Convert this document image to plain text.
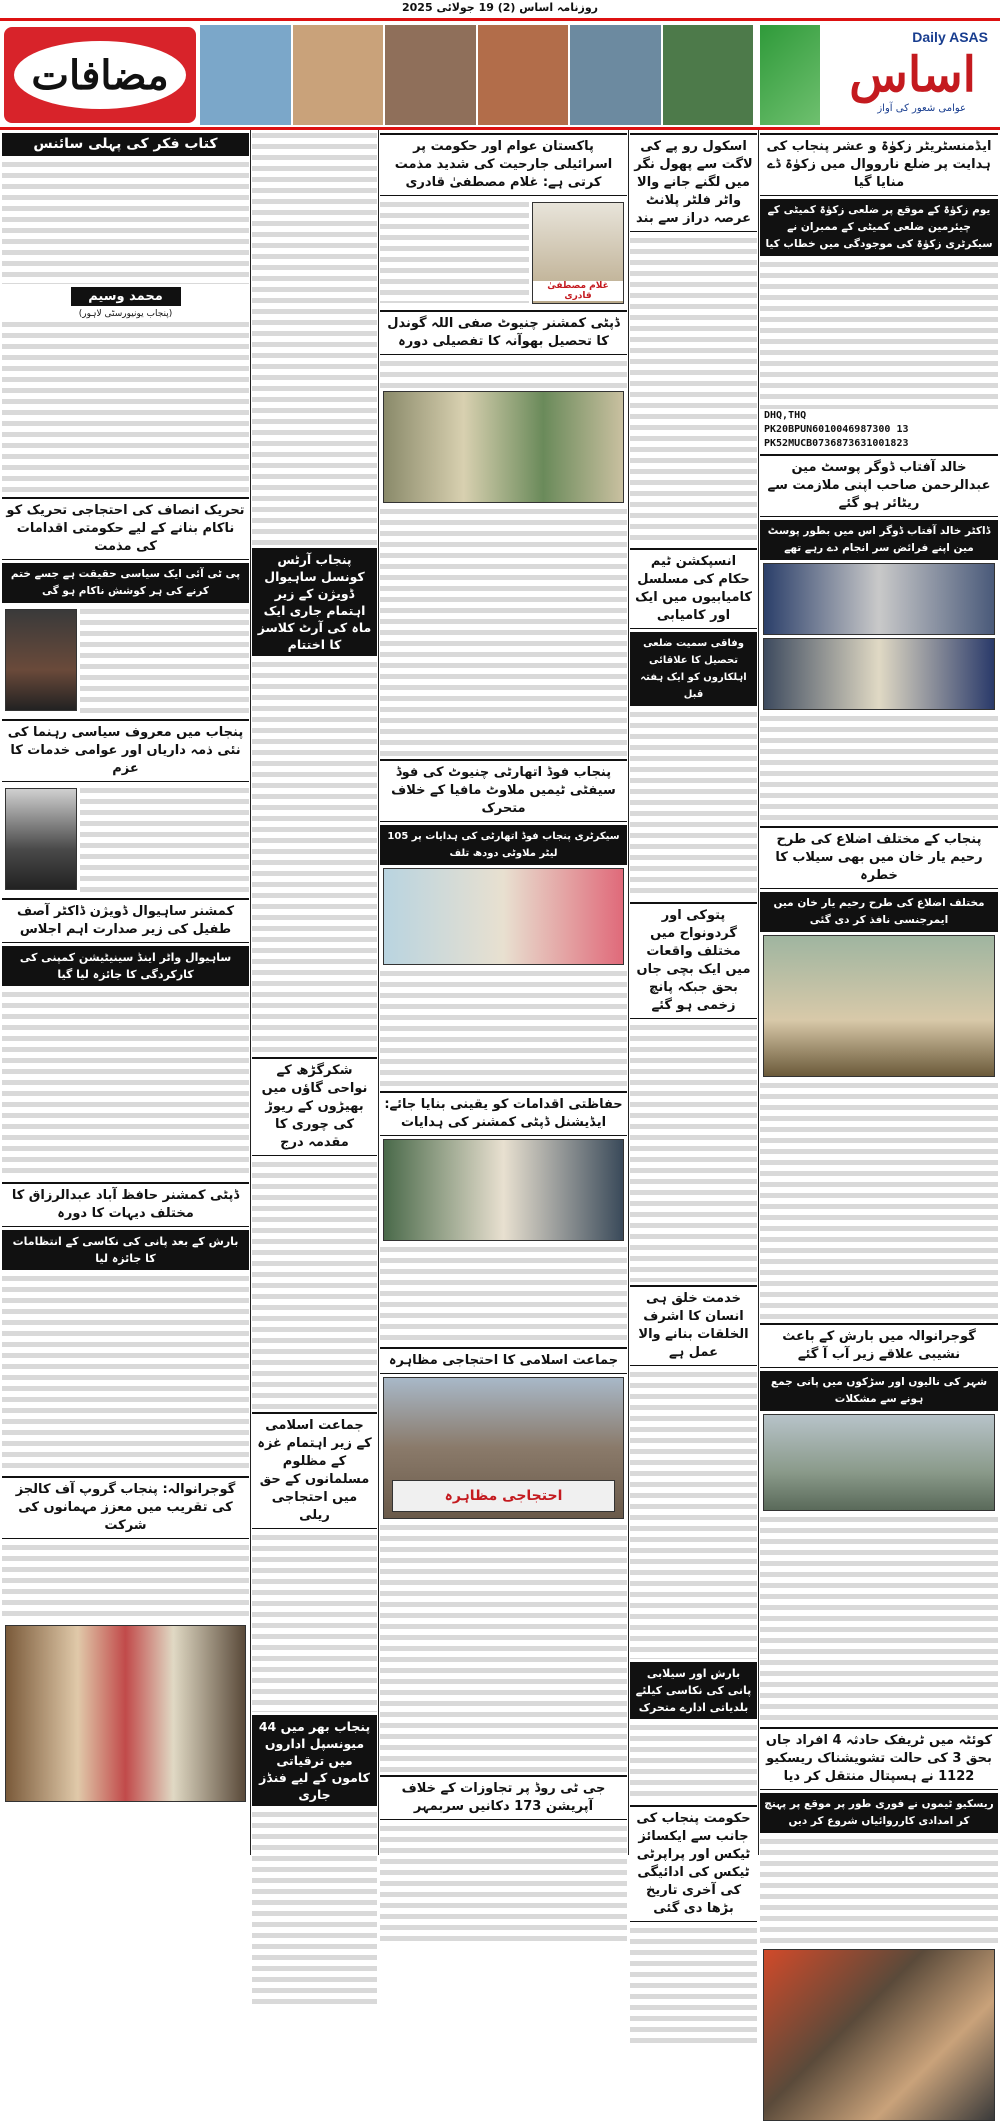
روزنامہ اساس (2) 19 جولائی 2025
مضافات
Daily ASAS
اساس
عوامی شعور کی آواز
ایڈمنسٹریٹر زکوٰۃ و عشر پنجاب کی ہدایت پر ضلع نارووال میں زکوٰۃ ڈے منایا گیا
یوم زکوٰۃ کے موقع پر ضلعی زکوٰۃ کمیٹی کے چیئرمین ضلعی کمیٹی کے ممبران نے سیکرٹری زکوٰۃ کی موجودگی میں خطاب کیا
DHQ,THQ
PK20BPUN6010046987300 13
PK52MUCB0736873631001823
خالد آفتاب ڈوگر پوسٹ مین عبدالرحمن صاحب اپنی ملازمت سے ریٹائر ہو گئے
ڈاکٹر خالد آفتاب ڈوگر اس میں بطور پوسٹ مین اپنے فرائض سر انجام دے رہے تھے
پنجاب کے مختلف اضلاع کی طرح رحیم یار خان میں بھی سیلاب کا خطرہ
مختلف اضلاع کی طرح رحیم یار خان میں ایمرجنسی نافذ کر دی گئی
گوجرانوالہ میں بارش کے باعث نشیبی علاقے زیر آب آ گئے
شہر کی نالیوں اور سڑکوں میں پانی جمع ہونے سے مشکلات
کوئٹہ میں ٹریفک حادثہ 4 افراد جاں بحق 3 کی حالت تشویشناک ریسکیو 1122 نے ہسپتال منتقل کر دیا
ریسکیو ٹیموں نے فوری طور پر موقع پر پہنچ کر امدادی کارروائیاں شروع کر دیں
اسکول رو پے کی لاگت سے پھول نگر میں لگنے جانے والا واٹر فلٹر پلانٹ عرصہ دراز سے بند
انسپکشن ٹیم حکام کی مسلسل کامیابیوں میں ایک اور کامیابی
وفاقی سمیت ضلعی تحصیل کا علاقائی اہلکاروں کو ایک ہفتہ قبل
پتوکی اور گردونواح میں مختلف واقعات میں ایک بچی جاں بحق جبکہ پانچ زخمی ہو گئے
خدمت خلق ہی انسان کا اشرف الخلقات بنانے والا عمل ہے
بارش اور سیلابی پانی کی نکاسی کیلئے بلدیاتی ادارے متحرک
حکومت پنجاب کی جانب سے ایکسائز ٹیکس اور پراپرٹی ٹیکس کی ادائیگی کی آخری تاریخ بڑھا دی گئی
پاکستان عوام اور حکومت پر اسرائیلی جارحیت کی شدید مذمت کرتی ہے: غلام مصطفیٰ قادری
غلام مصطفیٰ قادری
ڈپٹی کمشنر چنیوٹ صفی اللہ گوندل کا تحصیل بھوآنہ کا تفصیلی دورہ
پنجاب فوڈ اتھارٹی چنیوٹ کی فوڈ سیفٹی ٹیمیں ملاوٹ مافیا کے خلاف متحرک
سیکرٹری پنجاب فوڈ اتھارٹی کی ہدایات پر 105 لیٹر ملاوٹی دودھ تلف
حفاظتی اقدامات کو یقینی بنایا جائے: ایڈیشنل ڈپٹی کمشنر کی ہدایات
جماعت اسلامی کا احتجاجی مظاہرہ
احتجاجی مظاہرہ
جی ٹی روڈ پر تجاوزات کے خلاف آپریشن 173 دکانیں سربمہر
پنجاب آرٹس کونسل ساہیوال ڈویژن کے زیر اہتمام جاری ایک ماہ کی آرٹ کلاسز کا اختتام
شکرگڑھ کے نواحی گاؤں میں بھیڑوں کے ریوڑ کی چوری کا مقدمہ درج
جماعت اسلامی کے زیر اہتمام غزہ کے مظلوم مسلمانوں کے حق میں احتجاجی ریلی
پنجاب بھر میں 44 میونسپل اداروں میں ترقیاتی کاموں کے لیے فنڈز جاری
کتاب فکر کی پہلی سائنس
محمد وسیم
(پنجاب یونیورسٹی لاہور)
تحریک انصاف کی احتجاجی تحریک کو ناکام بنانے کے لیے حکومتی اقدامات کی مذمت
پی ٹی آئی ایک سیاسی حقیقت ہے جسے ختم کرنے کی ہر کوشش ناکام ہو گی
پنجاب میں معروف سیاسی رہنما کی نئی ذمہ داریاں اور عوامی خدمات کا عزم
کمشنر ساہیوال ڈویژن ڈاکٹر آصف طفیل کی زیر صدارت اہم اجلاس
ساہیوال واٹر اینڈ سینیٹیشن کمپنی کی کارکردگی کا جائزہ لیا گیا
ڈپٹی کمشنر حافظ آباد عبدالرزاق کا مختلف دیہات کا دورہ
بارش کے بعد پانی کی نکاسی کے انتظامات کا جائزہ لیا
گوجرانوالہ: پنجاب گروپ آف کالجز کی تقریب میں معزز مہمانوں کی شرکت
